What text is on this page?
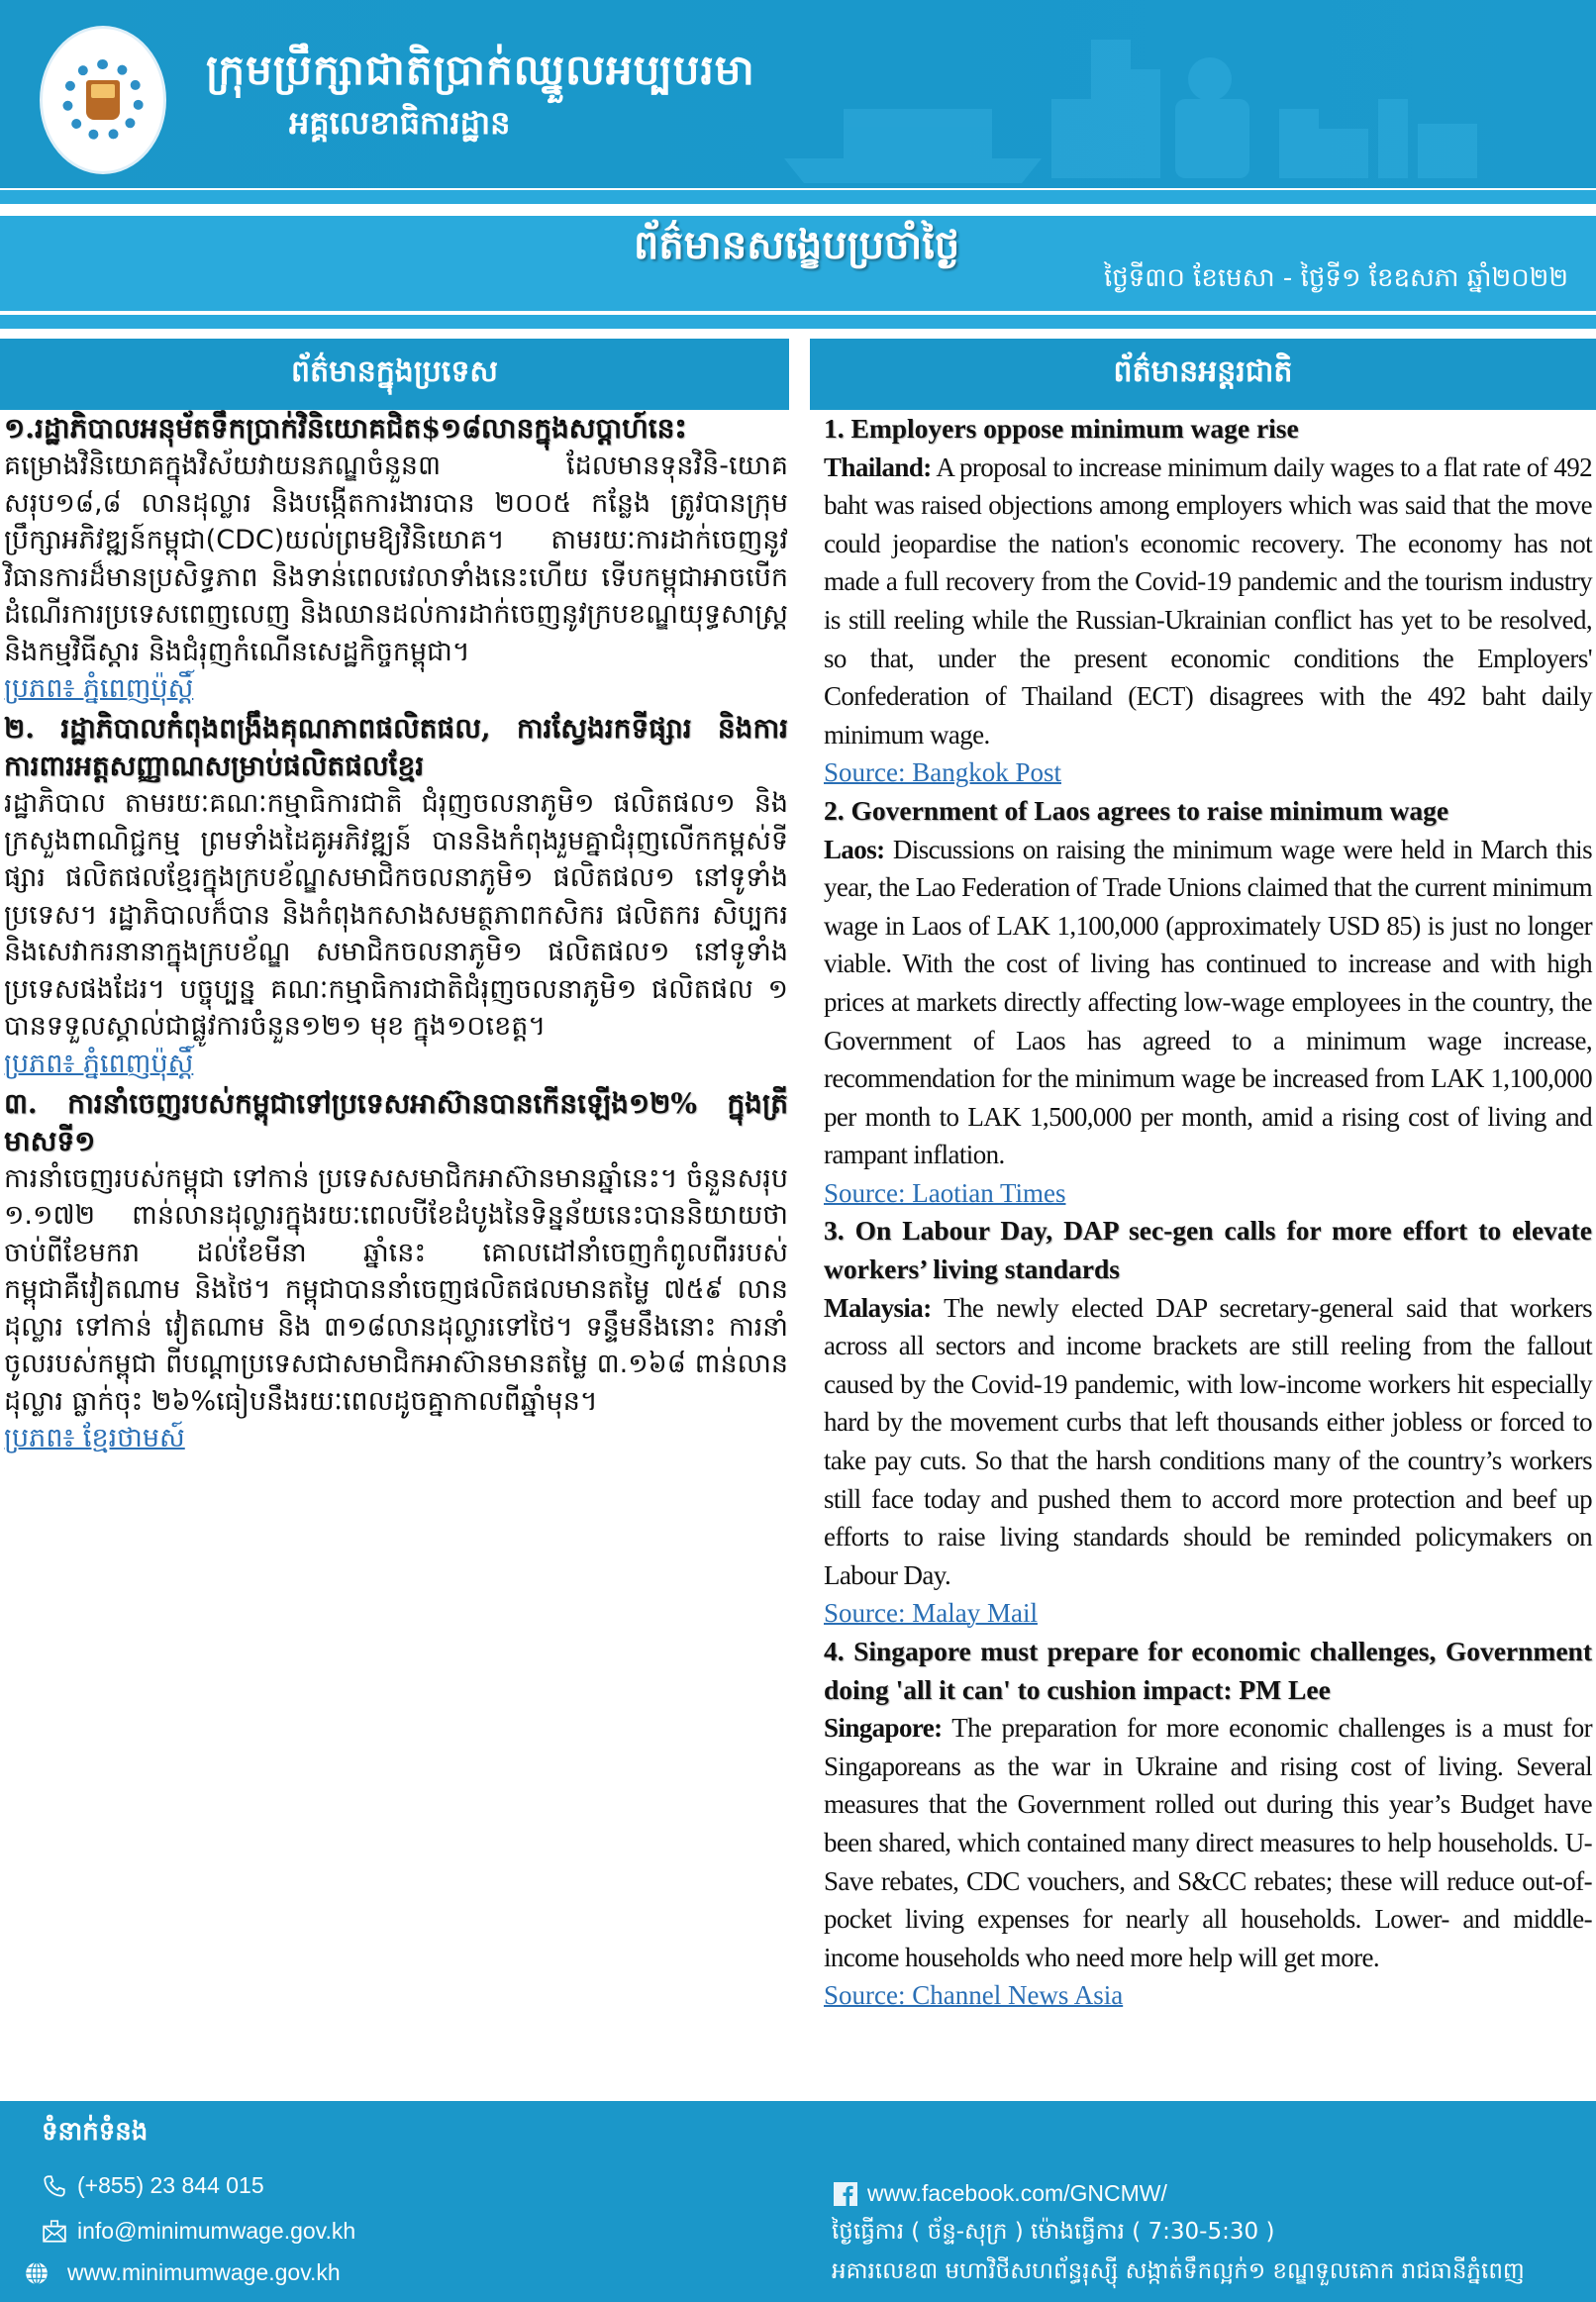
ក្រុមប្រឹក្សាជាតិប្រាក់ឈ្នួលអប្បបរមា
អគ្គលេខាធិការដ្ឋាន
ព័ត៌មានសង្ខេបប្រចាំថ្ងៃ
ថ្ងៃទី៣០ ខែមេសា - ថ្ងៃទី១ ខែឧសភា ឆ្នាំ២០២២
ព័ត៌មានក្នុងប្រទេស
១.រដ្ឋាភិបាលអនុម័តទឹកប្រាក់វិនិយោគជិត$១៨លានក្នុងសប្តាហ៍នេះ
គម្រោងវិនិយោគក្នុងវិស័យវាយនភណ្ឌចំនួន៣ ដែលមានទុនវិនិ-យោគសរុប១៨,៨ លានដុល្លារ និងបង្កើតការងារបាន ២០០៥ កន្លែង ត្រូវបានក្រុមប្រឹក្សាអភិវឌ្ឍន៍កម្ពុជា(CDC)យល់ព្រមឱ្យវិនិយោគ។ តាមរយៈការដាក់ចេញនូវវិធានការដ៏មានប្រសិទ្ធភាព និងទាន់ពេលវេលាទាំងនេះហើយ ទើបកម្ពុជាអាចបើកដំណើរការប្រទេសពេញលេញ និងឈានដល់ការដាក់ចេញនូវក្របខណ្ឌយុទ្ធសាស្ត្រ និងកម្មវិធីស្តារ និងជំរុញកំណើនសេដ្ឋកិច្ចកម្ពុជា។
ប្រភព៖ ភ្នំពេញប៉ុស្តិ៍
២. រដ្ឋាភិបាលកំពុងពង្រឹងគុណភាពផលិតផល, ការស្វែងរកទីផ្សារ និងការការពារអត្តសញ្ញាណសម្រាប់ផលិតផលខ្មែរ
រដ្ឋាភិបាល តាមរយៈគណៈកម្មាធិការជាតិ ជំរុញចលនាភូមិ១ ផលិតផល១ និងក្រសួងពាណិជ្ជកម្ម ព្រមទាំងដៃគូអភិវឌ្ឍន៍ បាននិងកំពុងរួមគ្នាជំរុញលើកកម្ពស់ទីផ្សារ ផលិតផលខ្មែរក្នុងក្របខ័ណ្ឌសមាជិកចលនាភូមិ១ ផលិតផល១ នៅទូទាំងប្រទេស។ រដ្ឋាភិបាលក៏បាន និងកំពុងកសាងសមត្ថភាពកសិករ ផលិតករ សិប្បករ និងសេវាករនានាក្នុងក្របខ័ណ្ឌ សមាជិកចលនាភូមិ១ ផលិតផល១ នៅទូទាំងប្រទេសផងដែរ។ បច្ចុប្បន្ន គណៈកម្មាធិការជាតិជំរុញចលនាភូមិ១ ផលិតផល ១ បានទទួលស្គាល់ជាផ្លូវការចំនួន១២១ មុខ ក្នុង១០ខេត្ត។
ប្រភព៖ ភ្នំពេញប៉ុស្តិ៍
៣. ការនាំចេញរបស់កម្ពុជាទៅប្រទេសអាស៊ានបានកើនឡើង១២% ក្នុងត្រីមាសទី១
ការនាំចេញរបស់កម្ពុជា ទៅកាន់ ប្រទេសសមាជិកអាស៊ានមានឆ្នាំនេះ។ ចំនួនសរុប ១.១៧២ ពាន់លានដុល្លារក្នុងរយៈពេលបីខែដំបូងនៃទិន្នន័យនេះបាននិយាយថា ចាប់ពីខែមករា ដល់ខែមីនា ឆ្នាំនេះ គោលដៅនាំចេញកំពូលពីររបស់កម្ពុជាគឺវៀតណាម និងថៃ។ កម្ពុជាបាននាំចេញផលិតផលមានតម្លៃ ៧៥៩ លានដុល្លារ ទៅកាន់ វៀតណាម និង ៣១៨លានដុល្លារទៅថៃ។ ទន្ទឹមនឹងនោះ ការនាំចូលរបស់កម្ពុជា ពីបណ្តាប្រទេសជាសមាជិកអាស៊ានមានតម្លៃ ៣.១៦៨ ពាន់លានដុល្លារ ធ្លាក់ចុះ ២៦%ធៀបនឹងរយៈពេលដូចគ្នាកាលពីឆ្នាំមុន។
ប្រភព៖ ខ្មែរថាមស៍
ព័ត៌មានអន្តរជាតិ
1. Employers oppose minimum wage rise
Thailand: A proposal to increase minimum daily wages to a flat rate of 492 baht was raised objections among employers which was said that the move could jeopardise the nation's economic recovery. The economy has not made a full recovery from the Covid-19 pandemic and the tourism industry is still reeling while the Russian-Ukrainian conflict has yet to be resolved, so that, under the present economic conditions the Employers' Confederation of Thailand (ECT) disagrees with the 492 baht daily minimum wage.
Source: Bangkok Post
2. Government of Laos agrees to raise minimum wage
Laos: Discussions on raising the minimum wage were held in March this year, the Lao Federation of Trade Unions claimed that the current minimum wage in Laos of LAK 1,100,000 (approximately USD 85) is just no longer viable. With the cost of living has continued to increase and with high prices at markets directly affecting low-wage employees in the country, the Government of Laos has agreed to a minimum wage increase, recommendation for the minimum wage be increased from LAK 1,100,000 per month to LAK 1,500,000 per month, amid a rising cost of living and rampant inflation.
Source: Laotian Times
3. On Labour Day, DAP sec-gen calls for more effort to elevate workers’ living standards
Malaysia: The newly elected DAP secretary-general said that workers across all sectors and income brackets are still reeling from the fallout caused by the Covid-19 pandemic, with low-income workers hit especially hard by the movement curbs that left thousands either jobless or forced to take pay cuts. So that the harsh conditions many of the country’s workers still face today and pushed them to accord more protection and beef up efforts to raise living standards should be reminded policymakers on Labour Day.
Source: Malay Mail
4. Singapore must prepare for economic challenges, Government doing 'all it can' to cushion impact: PM Lee
Singapore: The preparation for more economic challenges is a must for Singaporeans as the war in Ukraine and rising cost of living. Several measures that the Government rolled out during this year’s Budget have been shared, which contained many direct measures to help households. U-Save rebates, CDC vouchers, and S&CC rebates; these will reduce out-of-pocket living expenses for nearly all households. Lower- and middle-income households who need more help will get more.
Source: Channel News Asia
ទំនាក់ទំនង
(+855) 23 844 015
info@minimumwage.gov.kh
www.minimumwage.gov.kh
www.facebook.com/GNCMW/
ថ្ងៃធ្វើការ ( ច័ន្ទ-សុក្រ ) ម៉ោងធ្វើការ ( 7:30-5:30 )
អគារលេខ៣ មហាវិថីសហព័ន្ធរុស្ស៊ី សង្កាត់ទឹកល្អក់១ ខណ្ឌទួលគោក រាជធានីភ្នំពេញ
